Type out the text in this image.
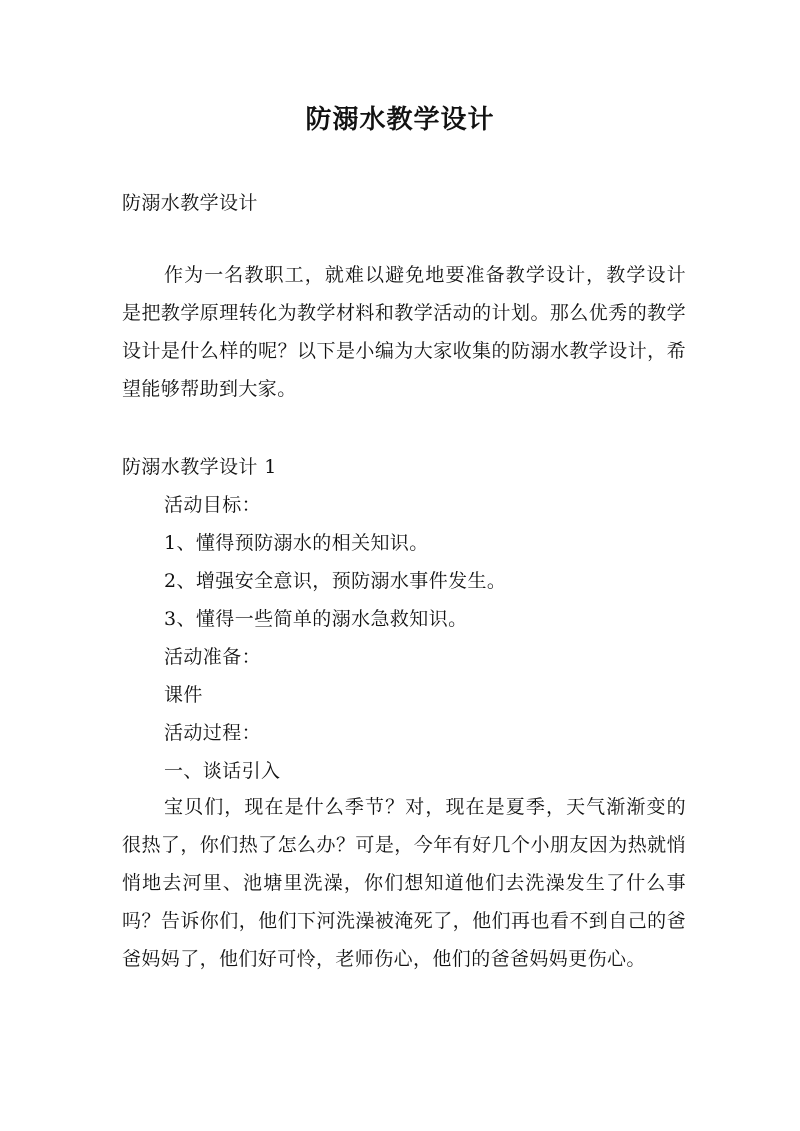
防溺水教学设计

防溺水教学设计

作为一名教职工，就难以避免地要准备教学设计，教学设计是把教学原理转化为教学材料和教学活动的计划。那么优秀的教学设计是什么样的呢？以下是小编为大家收集的防溺水教学设计，希望能够帮助到大家。

防溺水教学设计 1

活动目标：

1、懂得预防溺水的相关知识。

2、增强安全意识，预防溺水事件发生。

3、懂得一些简单的溺水急救知识。

活动准备：

课件

活动过程：

一、谈话引入

宝贝们，现在是什么季节？对，现在是夏季，天气渐渐变的很热了，你们热了怎么办？可是，今年有好几个小朋友因为热就悄悄地去河里、池塘里洗澡，你们想知道他们去洗澡发生了什么事吗？告诉你们，他们下河洗澡被淹死了，他们再也看不到自己的爸爸妈妈了，他们好可怜，老师伤心，他们的爸爸妈妈更伤心。
